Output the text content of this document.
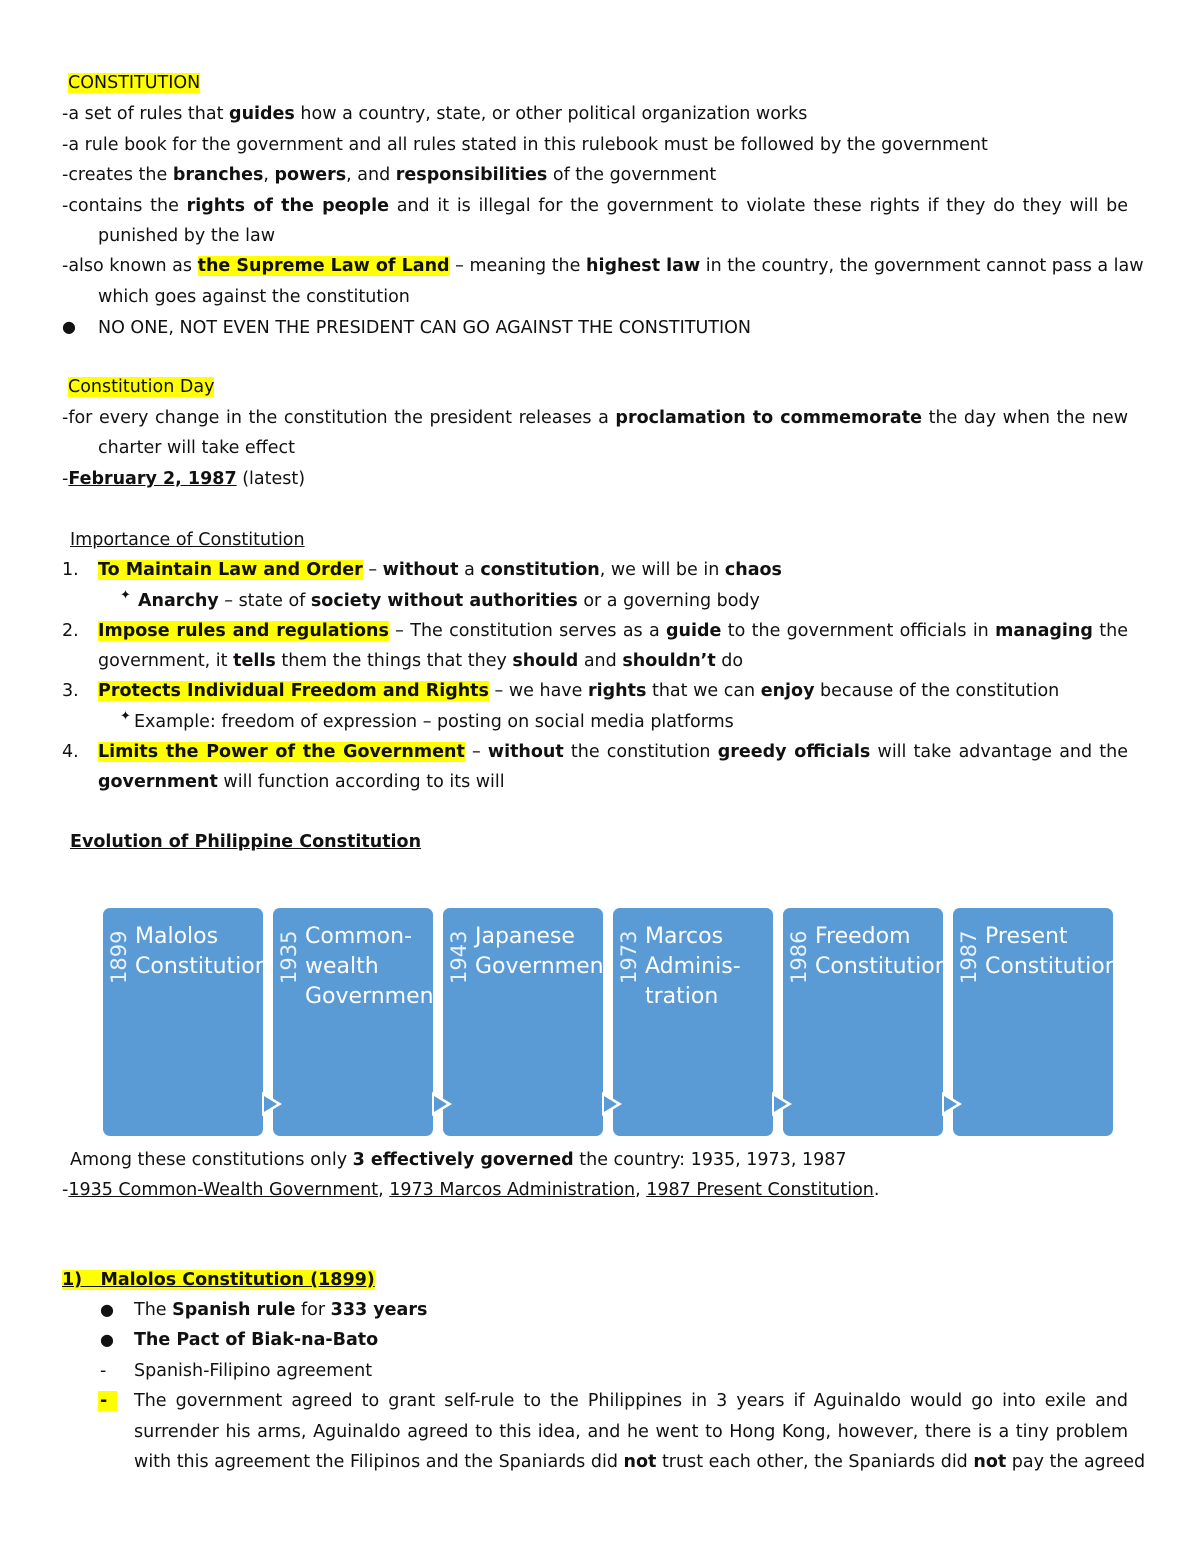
CONSTITUTION
-a set of rules that guides how a country, state, or other political organization works
-a rule book for the government and all rules stated in this rulebook must be followed by the government
-creates the branches, powers, and responsibilities of the government
-contains the rights of the people and it is illegal for the government to violate these rights if they do they will be
punished by the law
-also known as the Supreme Law of Land – meaning the highest law in the country, the government cannot pass a law
which goes against the constitution
● NO ONE, NOT EVEN THE PRESIDENT CAN GO AGAINST THE CONSTITUTION
Constitution Day
-for every change in the constitution the president releases a proclamation to commemorate the day when the new
charter will take effect
-February 2, 1987 (latest)
Importance of Constitution
1. To Maintain Law and Order – without a constitution, we will be in chaos
✦ Anarchy – state of society without authorities or a governing body
2. Impose rules and regulations – The constitution serves as a guide to the government officials in managing the
government, it tells them the things that they should and shouldn’t do
3. Protects Individual Freedom and Rights – we have rights that we can enjoy because of the constitution
✦ Example: freedom of expression – posting on social media platforms
4. Limits the Power of the Government – without the constitution greedy officials will take advantage and the
government will function according to its will
Evolution of Philippine Constitution
1899 Malolos
Constitution 1935 Common-
wealth
Government
1943 Japanese
Government 1973 Marcos
Adminis-
tration
1986 Freedom
Constitution 1987 Present
Constitution
Among these constitutions only 3 effectively governed the country: 1935, 1973, 1987
-1935 Common-Wealth Government, 1973 Marcos Administration, 1987 Present Constitution.
1)   Malolos Constitution (1899)
● The Spanish rule for 333 years
● The Pact of Biak-na-Bato
- Spanish-Filipino agreement
-	The government agreed to grant self-rule to the Philippines in 3 years if Aguinaldo would go into exile and
surrender his arms, Aguinaldo agreed to this idea, and he went to Hong Kong, however, there is a tiny problem
with this agreement the Filipinos and the Spaniards did not trust each other, the Spaniards did not pay the agreed
